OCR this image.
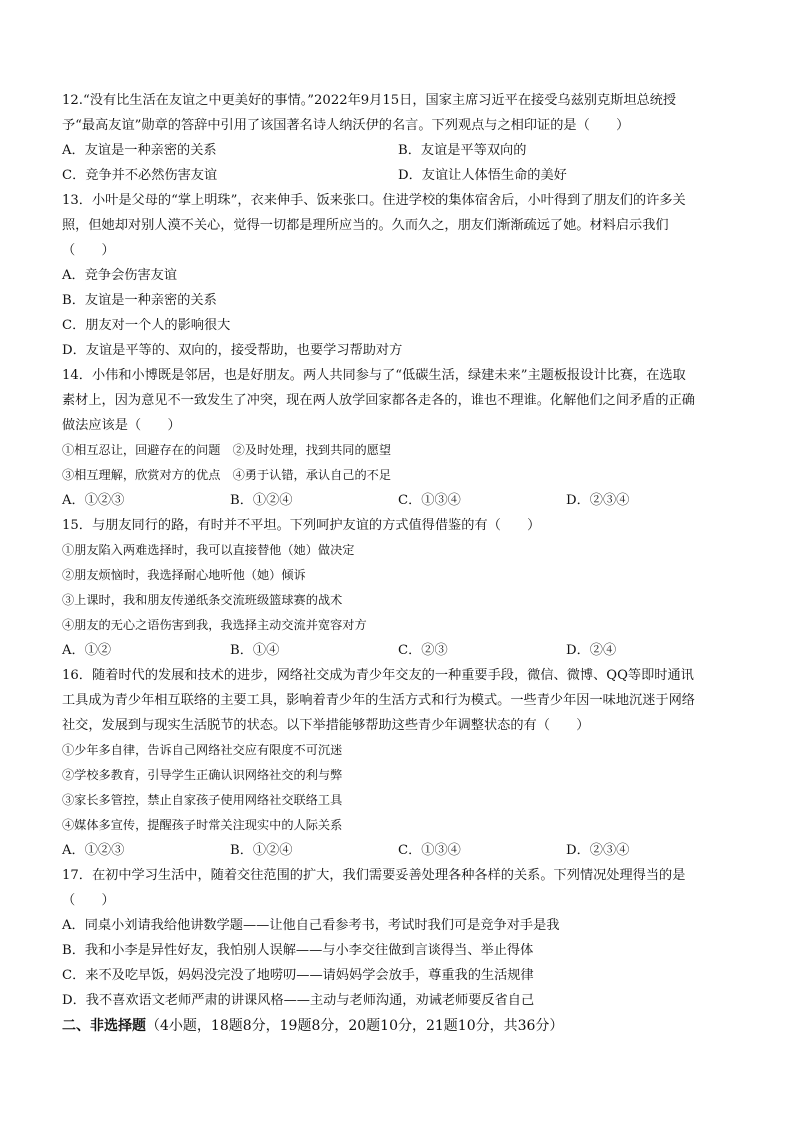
12.“没有比生活在友谊之中更美好的事情。”2022年9月15日，国家主席习近平在接受乌兹别克斯坦总统授
予“最高友谊”勋章的答辞中引用了该国著名诗人纳沃伊的名言。下列观点与之相印证的是（　　）
A．友谊是一种亲密的关系	B．友谊是平等双向的
C．竞争并不必然伤害友谊	D．友谊让人体悟生命的美好
13．小叶是父母的“掌上明珠”，衣来伸手、饭来张口。住进学校的集体宿舍后，小叶得到了朋友们的许多关
照，但她却对别人漠不关心，觉得一切都是理所应当的。久而久之，朋友们渐渐疏远了她。材料启示我们
（　　）
A．竞争会伤害友谊
B．友谊是一种亲密的关系
C．朋友对一个人的影响很大
D．友谊是平等的、双向的，接受帮助，也要学习帮助对方
14．小伟和小博既是邻居，也是好朋友。两人共同参与了“低碳生活，绿建未来”主题板报设计比赛，在选取
素材上，因为意见不一致发生了冲突，现在两人放学回家都各走各的，谁也不理谁。化解他们之间矛盾的正确
做法应该是（　　）
①相互忍让，回避存在的问题　②及时处理，找到共同的愿望
③相互理解，欣赏对方的优点　④勇于认错，承认自己的不足
A．①②③	B．①②④	C．①③④	D．②③④
15．与朋友同行的路，有时并不平坦。下列呵护友谊的方式值得借鉴的有（　　）
①朋友陷入两难选择时，我可以直接替他（她）做决定
②朋友烦恼时，我选择耐心地听他（她）倾诉
③上课时，我和朋友传递纸条交流班级篮球赛的战术
④朋友的无心之语伤害到我，我选择主动交流并宽容对方
A．①②	B．①④	C．②③	D．②④
16．随着时代的发展和技术的进步，网络社交成为青少年交友的一种重要手段，微信、微博、QQ等即时通讯
工具成为青少年相互联络的主要工具，影响着青少年的生活方式和行为模式。一些青少年因一味地沉迷于网络
社交，发展到与现实生活脱节的状态。以下举措能够帮助这些青少年调整状态的有（　　）
①少年多自律，告诉自己网络社交应有限度不可沉迷
②学校多教育，引导学生正确认识网络社交的利与弊
③家长多管控，禁止自家孩子使用网络社交联络工具
④媒体多宣传，提醒孩子时常关注现实中的人际关系
A．①②③	B．①②④	C．①③④	D．②③④
17．在初中学习生活中，随着交往范围的扩大，我们需要妥善处理各种各样的关系。下列情况处理得当的是
（　　）
A．同桌小刘请我给他讲数学题——让他自己看参考书，考试时我们可是竞争对手是我
B．我和小李是异性好友，我怕别人误解——与小李交往做到言谈得当、举止得体
C．来不及吃早饭，妈妈没完没了地唠叨——请妈妈学会放手，尊重我的生活规律
D．我不喜欢语文老师严肃的讲课风格——主动与老师沟通，劝诫老师要反省自己
二、非选择题（4小题，18题8分，19题8分，20题10分，21题10分，共36分）
